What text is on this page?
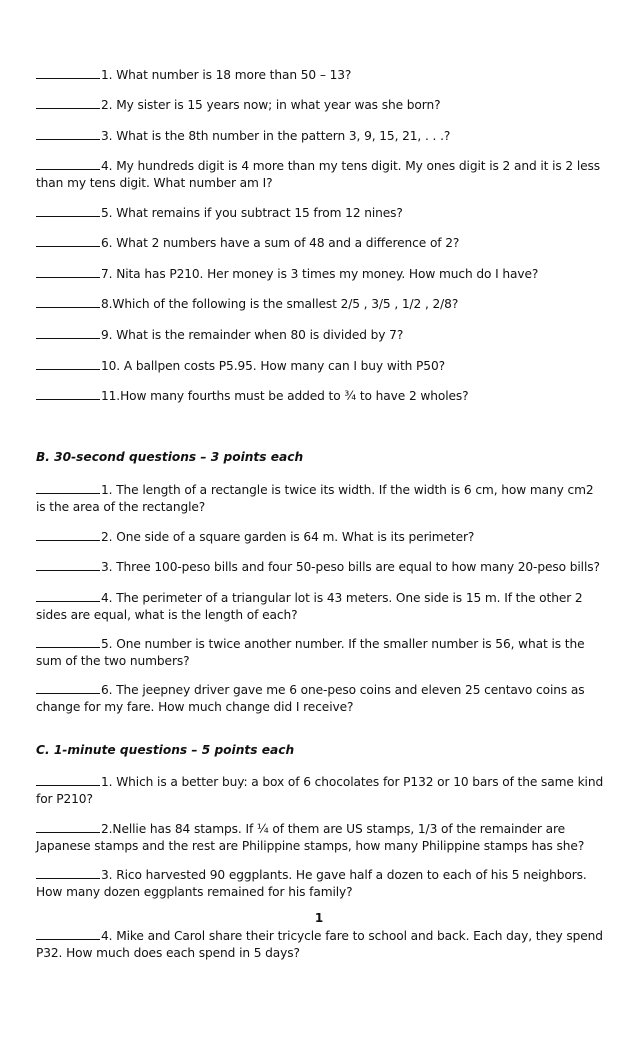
1. What number is 18 more than 50 – 13?
2. My sister is 15 years now; in what year was she born?
3. What is the 8th number in the pattern 3, 9, 15, 21, . . .?
4. My hundreds digit is 4 more than my tens digit. My ones digit is 2 and it is 2 less than my tens digit. What number am I?
5. What remains if you subtract 15 from 12 nines?
6. What 2 numbers have a sum of 48 and a difference of 2?
7. Nita has P210. Her money is 3 times my money. How much do I have?
8.Which of the following is the smallest 2/5 , 3/5 , 1/2 , 2/8?
9. What is the remainder when 80 is divided by 7?
10. A ballpen costs P5.95. How many can I buy with P50?
11.How many fourths must be added to ¾ to have 2 wholes?
B. 30-second questions – 3 points each
1. The length of a rectangle is twice its width. If the width is 6 cm, how many cm2 is the area of the rectangle?
2. One side of a square garden is 64 m. What is its perimeter?
3. Three 100-peso bills and four 50-peso bills are equal to how many 20-peso bills?
4. The perimeter of a triangular lot is 43 meters. One side is 15 m. If the other 2 sides are equal, what is the length of each?
5. One number is twice another number. If the smaller number is 56, what is the sum of the two numbers?
6. The jeepney driver gave me 6 one-peso coins and eleven 25 centavo coins as change for my fare. How much change did I receive?
C. 1-minute questions – 5 points each
1. Which is a better buy: a box of 6 chocolates for P132 or 10 bars of the same kind for P210?
2.Nellie has 84 stamps. If ¼ of them are US stamps, 1/3 of the remainder are Japanese stamps and the rest are Philippine stamps, how many Philippine stamps has she?
3. Rico harvested 90 eggplants. He gave half a dozen to each of his 5 neighbors. How many dozen eggplants remained for his family?
1
4. Mike and Carol share their tricycle fare to school and back. Each day, they spend P32. How much does each spend in 5 days?
